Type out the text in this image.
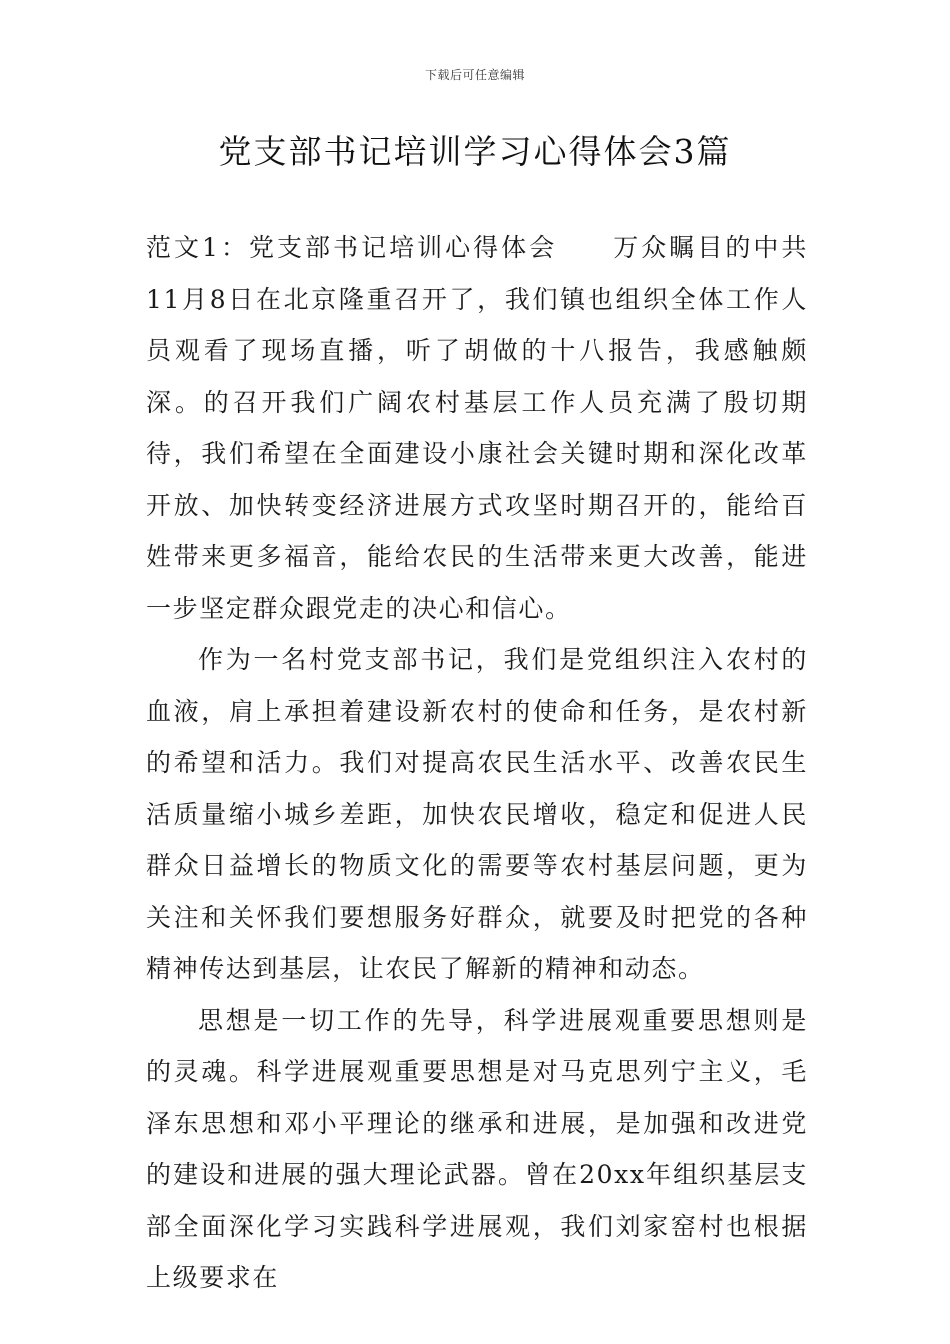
下载后可任意编辑
党支部书记培训学习心得体会3篇

范文1：党支部书记培训心得体会　　万众瞩目的中共11月8日在北京隆重召开了，我们镇也组织全体工作人员观看了现场直播，听了胡做的十八报告，我感触颇深。的召开我们广阔农村基层工作人员充满了殷切期待，我们希望在全面建设小康社会关键时期和深化改革开放、加快转变经济进展方式攻坚时期召开的，能给百姓带来更多福音，能给农民的生活带来更大改善，能进一步坚定群众跟党走的决心和信心。

作为一名村党支部书记，我们是党组织注入农村的血液，肩上承担着建设新农村的使命和任务，是农村新的希望和活力。我们对提高农民生活水平、改善农民生活质量缩小城乡差距，加快农民增收，稳定和促进人民群众日益增长的物质文化的需要等农村基层问题，更为关注和关怀我们要想服务好群众，就要及时把党的各种精神传达到基层，让农民了解新的精神和动态。

思想是一切工作的先导，科学进展观重要思想则是的灵魂。科学进展观重要思想是对马克思列宁主义，毛泽东思想和邓小平理论的继承和进展，是加强和改进党的建设和进展的强大理论武器。曾在20xx年组织基层支部全面深化学习实践科学进展观，我们刘家窑村也根据上级要求在
